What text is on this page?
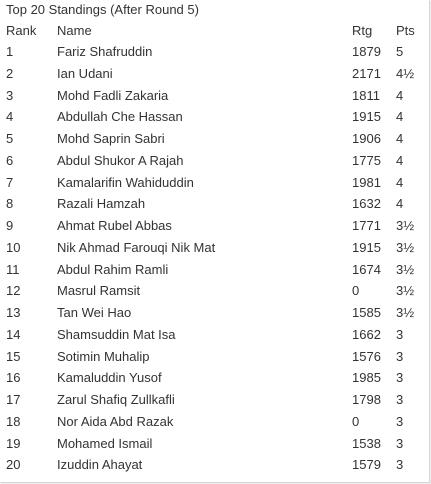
Top 20 Standings (After Round 5)
Rank	Name	Rtg	Pts
1	Fariz Shafruddin	1879	5
2	Ian Udani	2171	4½
3	Mohd Fadli Zakaria	1811	4
4	Abdullah Che Hassan	1915	4
5	Mohd Saprin Sabri	1906	4
6	Abdul Shukor A Rajah	1775	4
7	Kamalarifin Wahiduddin	1981	4
8	Razali Hamzah	1632	4
9	Ahmat Rubel Abbas	1771	3½
10	Nik Ahmad Farouqi Nik Mat	1915	3½
11	Abdul Rahim Ramli	1674	3½
12	Masrul Ramsit	0	3½
13	Tan Wei Hao	1585	3½
14	Shamsuddin Mat Isa	1662	3
15	Sotimin Muhalip	1576	3
16	Kamaluddin Yusof	1985	3
17	Zarul Shafiq Zullkafli	1798	3
18	Nor Aida Abd Razak	0	3
19	Mohamed Ismail	1538	3
20	Izuddin Ahayat	1579	3
